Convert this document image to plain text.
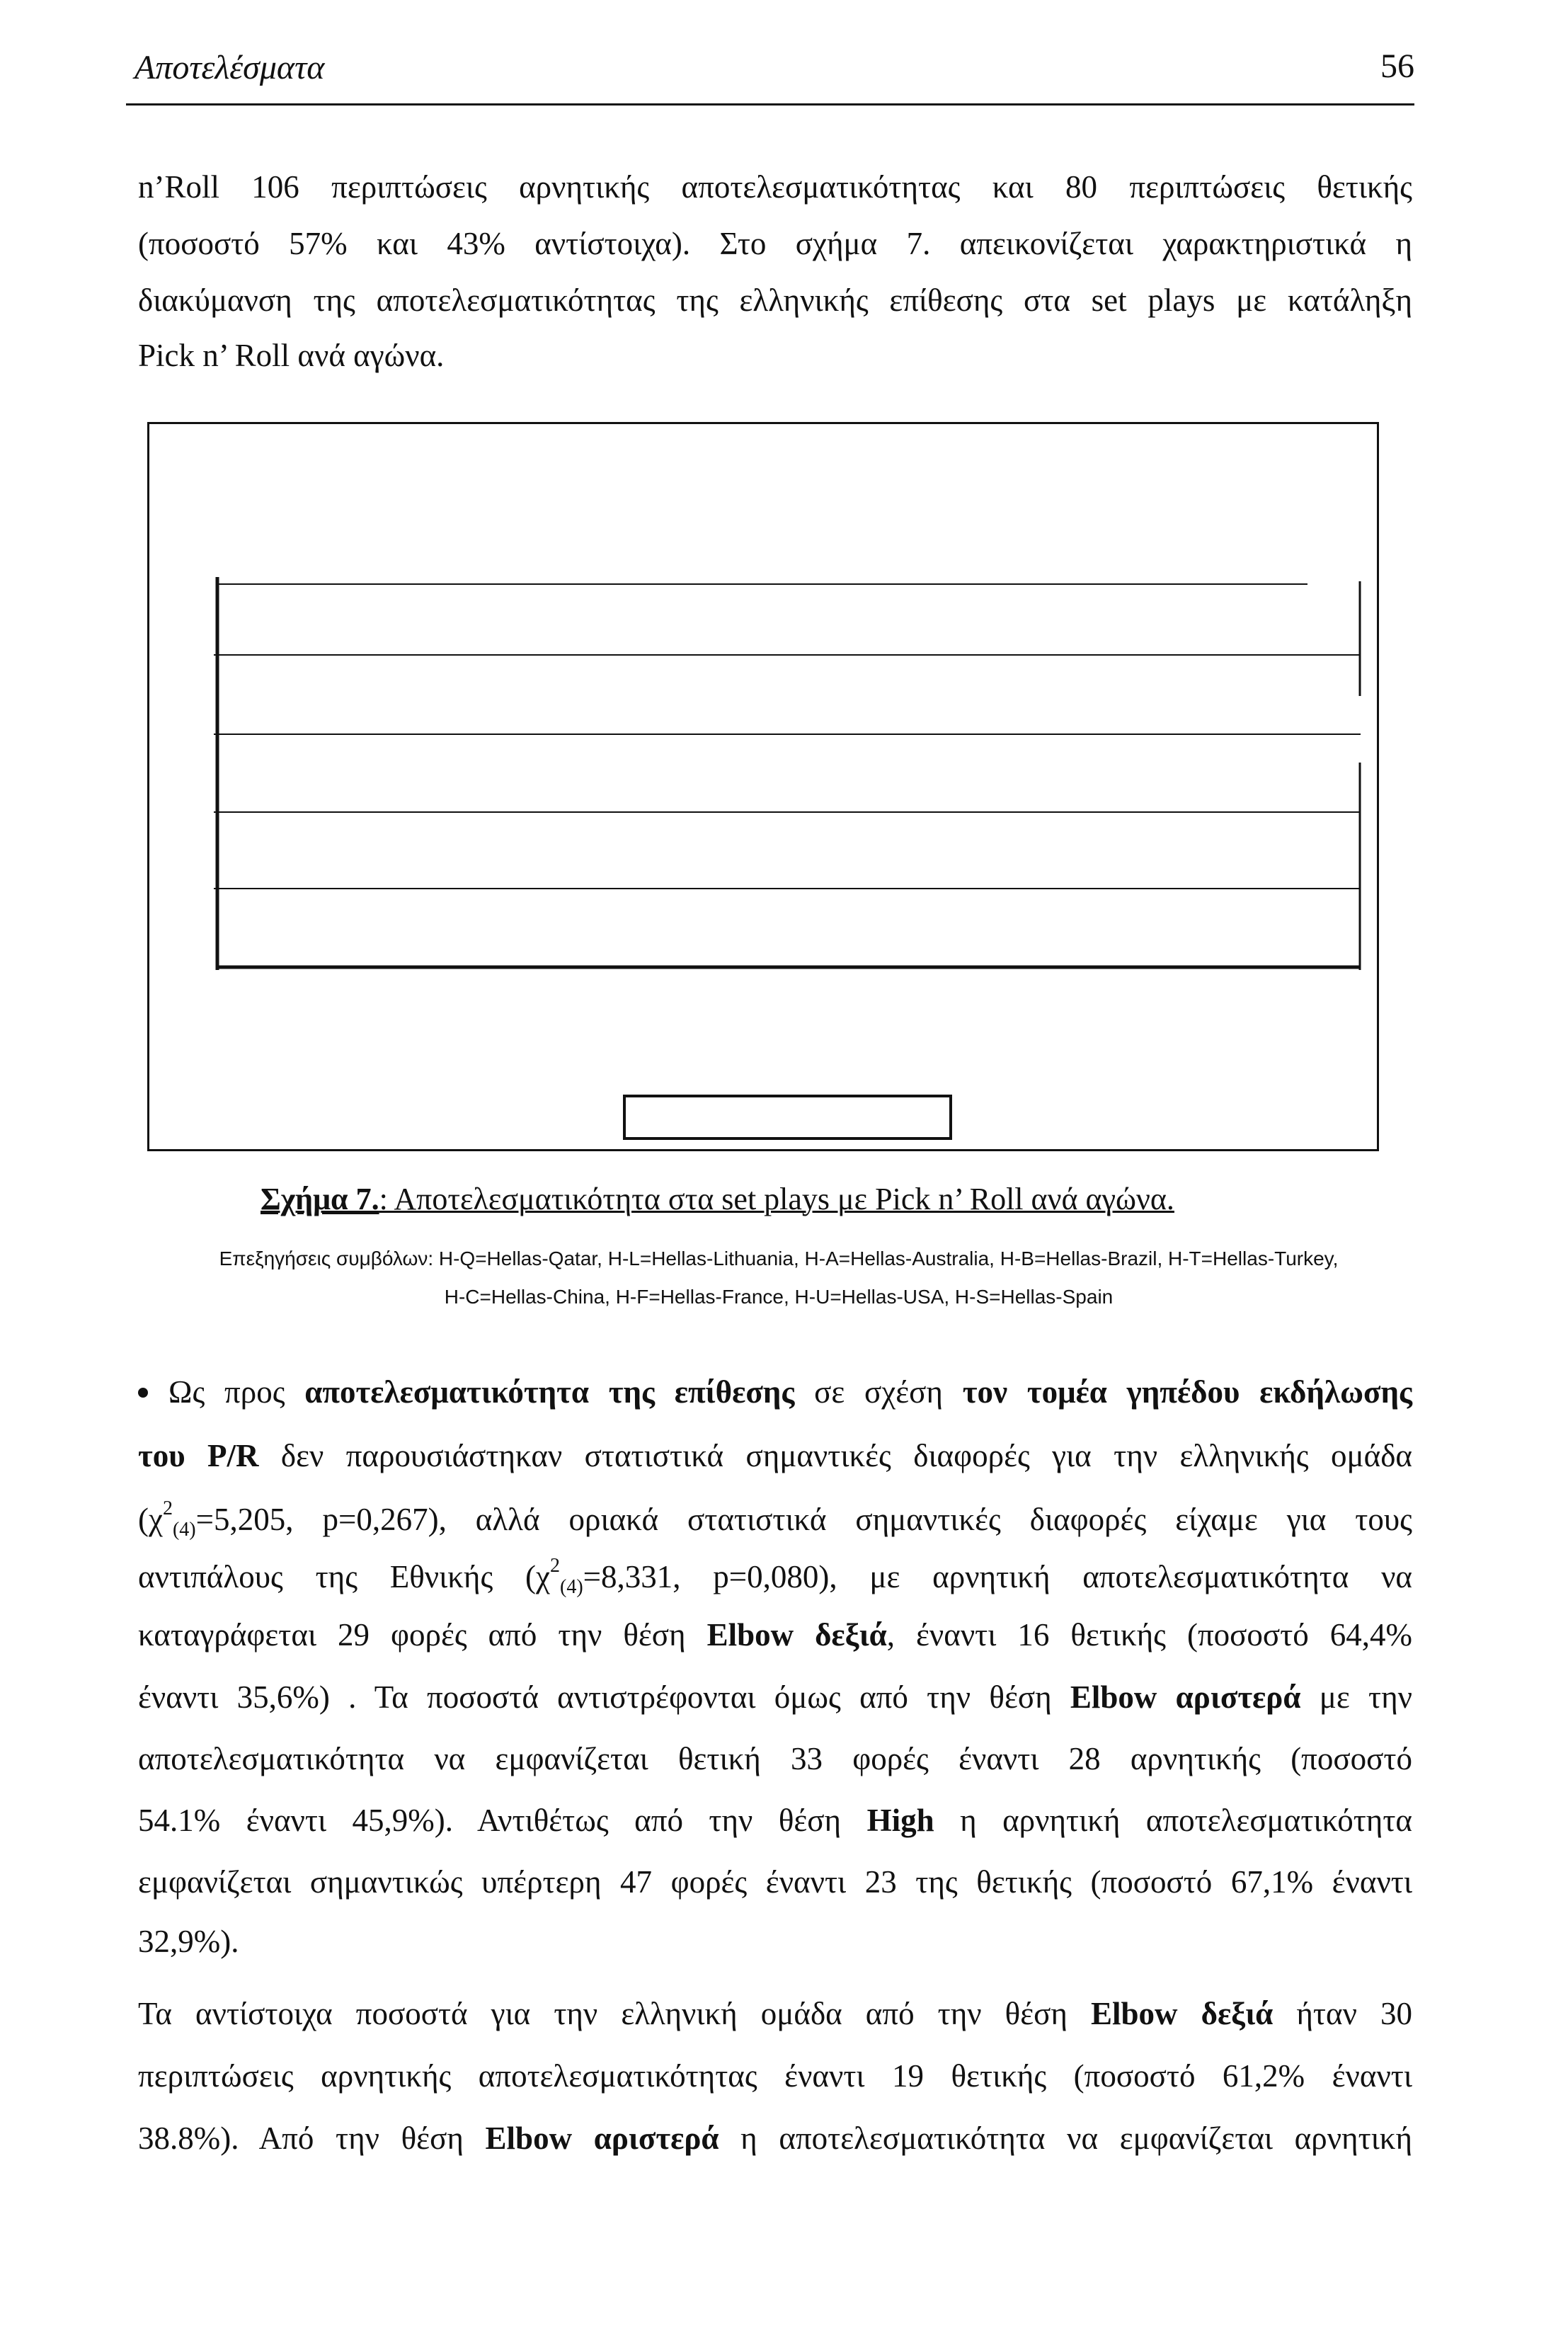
Αποτελέσματα	56
n’Roll 106 περιπτώσεις αρνητικής αποτελεσματικότητας και 80 περιπτώσεις θετικής
(ποσοστό 57% και 43% αντίστοιχα). Στο σχήμα 7. απεικονίζεται χαρακτηριστικά η
διακύμανση της αποτελεσματικότητας της ελληνικής επίθεσης στα set plays με κατάληξη
Pick n’ Roll ανά αγώνα.
Σχήμα 7.: Αποτελεσματικότητα στα set plays με Pick n’ Roll ανά αγώνα.
Επεξηγήσεις συμβόλων: H-Q=Hellas-Qatar, H-L=Hellas-Lithuania, H-A=Hellas-Australia, H-B=Hellas-Brazil, H-T=Hellas-Turkey,
H-C=Hellas-China, H-F=Hellas-France, H-U=Hellas-USA, H-S=Hellas-Spain
Ως προς αποτελεσματικότητα της επίθεσης σε σχέση τον τομέα γηπέδου εκδήλωσης
του P/R δεν παρουσιάστηκαν στατιστικά σημαντικές διαφορές για την ελληνικής ομάδα
($\chi^2_{(4)}=5,205$, p=0,267), αλλά οριακά στατιστικά σημαντικές διαφορές είχαμε για τους
αντιπάλους της Εθνικής ($\chi^2_{(4)}=8,331$, p=0,080), με αρνητική αποτελεσματικότητα να
καταγράφεται 29 φορές από την θέση Elbow δεξιά, έναντι 16 θετικής (ποσοστό 64,4%
έναντι 35,6%) . Τα ποσοστά αντιστρέφονται όμως από την θέση Elbow αριστερά με την
αποτελεσματικότητα να εμφανίζεται θετική 33 φορές έναντι 28 αρνητικής (ποσοστό
54.1% έναντι 45,9%). Αντιθέτως από την θέση High η αρνητική αποτελεσματικότητα
εμφανίζεται σημαντικώς υπέρτερη 47 φορές έναντι 23 της θετικής (ποσοστό 67,1% έναντι
32,9%).
Τα αντίστοιχα ποσοστά για την ελληνική ομάδα από την θέση Elbow δεξιά ήταν 30
περιπτώσεις αρνητικής αποτελεσματικότητας έναντι 19 θετικής (ποσοστό 61,2% έναντι
38.8%). Από την θέση Elbow αριστερά η αποτελεσματικότητα να εμφανίζεται αρνητική
